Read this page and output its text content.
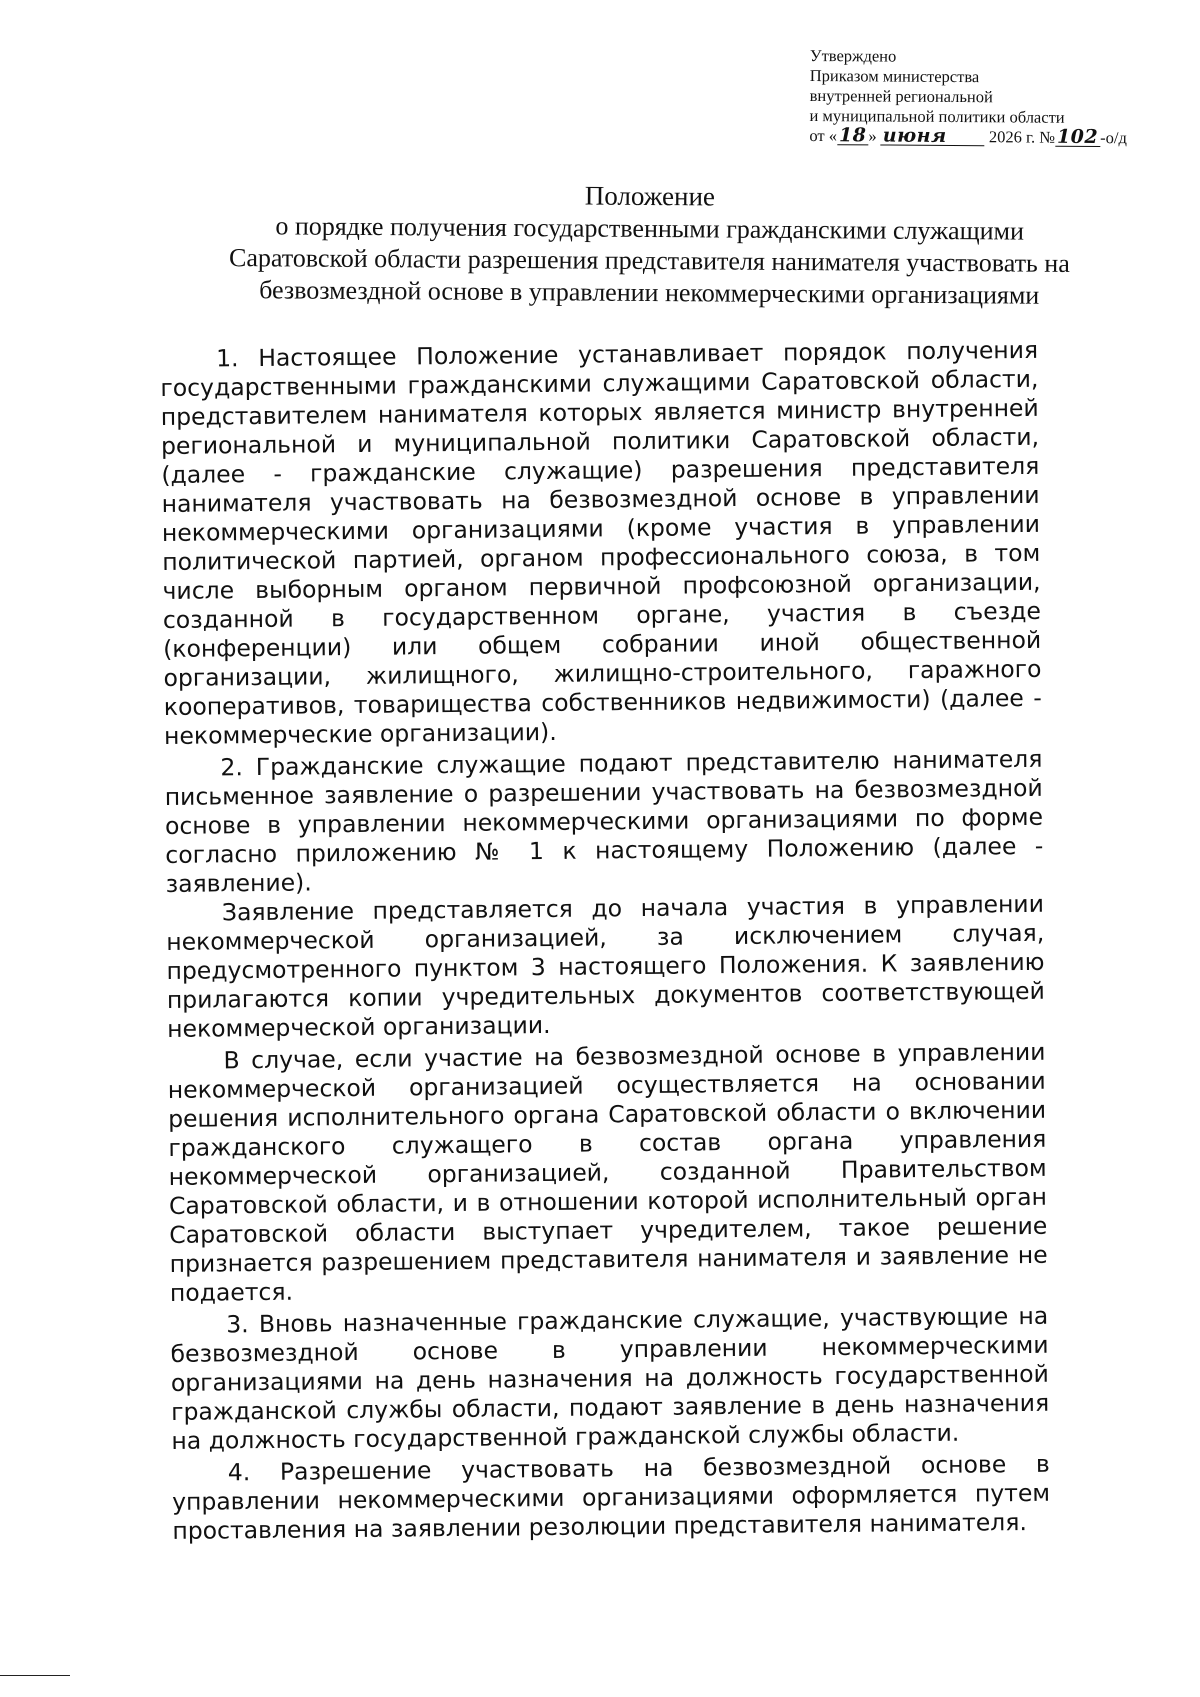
Утверждено
Приказом министерства
внутренней региональной
и муниципальной политики области
от «18 » июня	2026 г. №102 -о/д
Положение
о порядке получения государственными гражданскими служащими
Саратовской области разрешения представителя нанимателя участвовать на
безвозмездной основе в управлении некоммерческими организациями

1. Настоящее Положение устанавливает порядок получения государственными гражданскими служащими Саратовской области, представителем нанимателя которых является министр внутренней региональной и муниципальной политики Саратовской области, (далее - гражданские служащие) разрешения представителя нанимателя участвовать на безвозмездной основе в управлении некоммерческими организациями (кроме участия в управлении политической партией, органом профессионального союза, в том числе выборным органом первичной профсоюзной организации, созданной в государственном органе, участия в съезде (конференции) или общем собрании иной общественной организации, жилищного, жилищно-строительного, гаражного кооперативов, товарищества собственников недвижимости) (далее - некоммерческие организации).

2. Гражданские служащие подают представителю нанимателя письменное заявление о разрешении участвовать на безвозмездной основе в управлении некоммерческими организациями по форме согласно приложению № 1 к настоящему Положению (далее - заявление).

Заявление представляется до начала участия в управлении некоммерческой организацией, за исключением случая, предусмотренного пунктом 3 настоящего Положения. К заявлению прилагаются копии учредительных документов соответствующей некоммерческой организации.

В случае, если участие на безвозмездной основе в управлении некоммерческой организацией осуществляется на основании решения исполнительного органа Саратовской области о включении гражданского служащего в состав органа управления некоммерческой организацией, созданной Правительством Саратовской области, и в отношении которой исполнительный орган Саратовской области выступает учредителем, такое решение признается разрешением представителя нанимателя и заявление не подается.

3. Вновь назначенные гражданские служащие, участвующие на безвозмездной основе в управлении некоммерческими организациями на день назначения на должность государственной гражданской службы области, подают заявление в день назначения на должность государственной гражданской службы области.

4. Разрешение участвовать на безвозмездной основе в управлении некоммерческими организациями оформляется путем проставления на заявлении резолюции представителя нанимателя.
